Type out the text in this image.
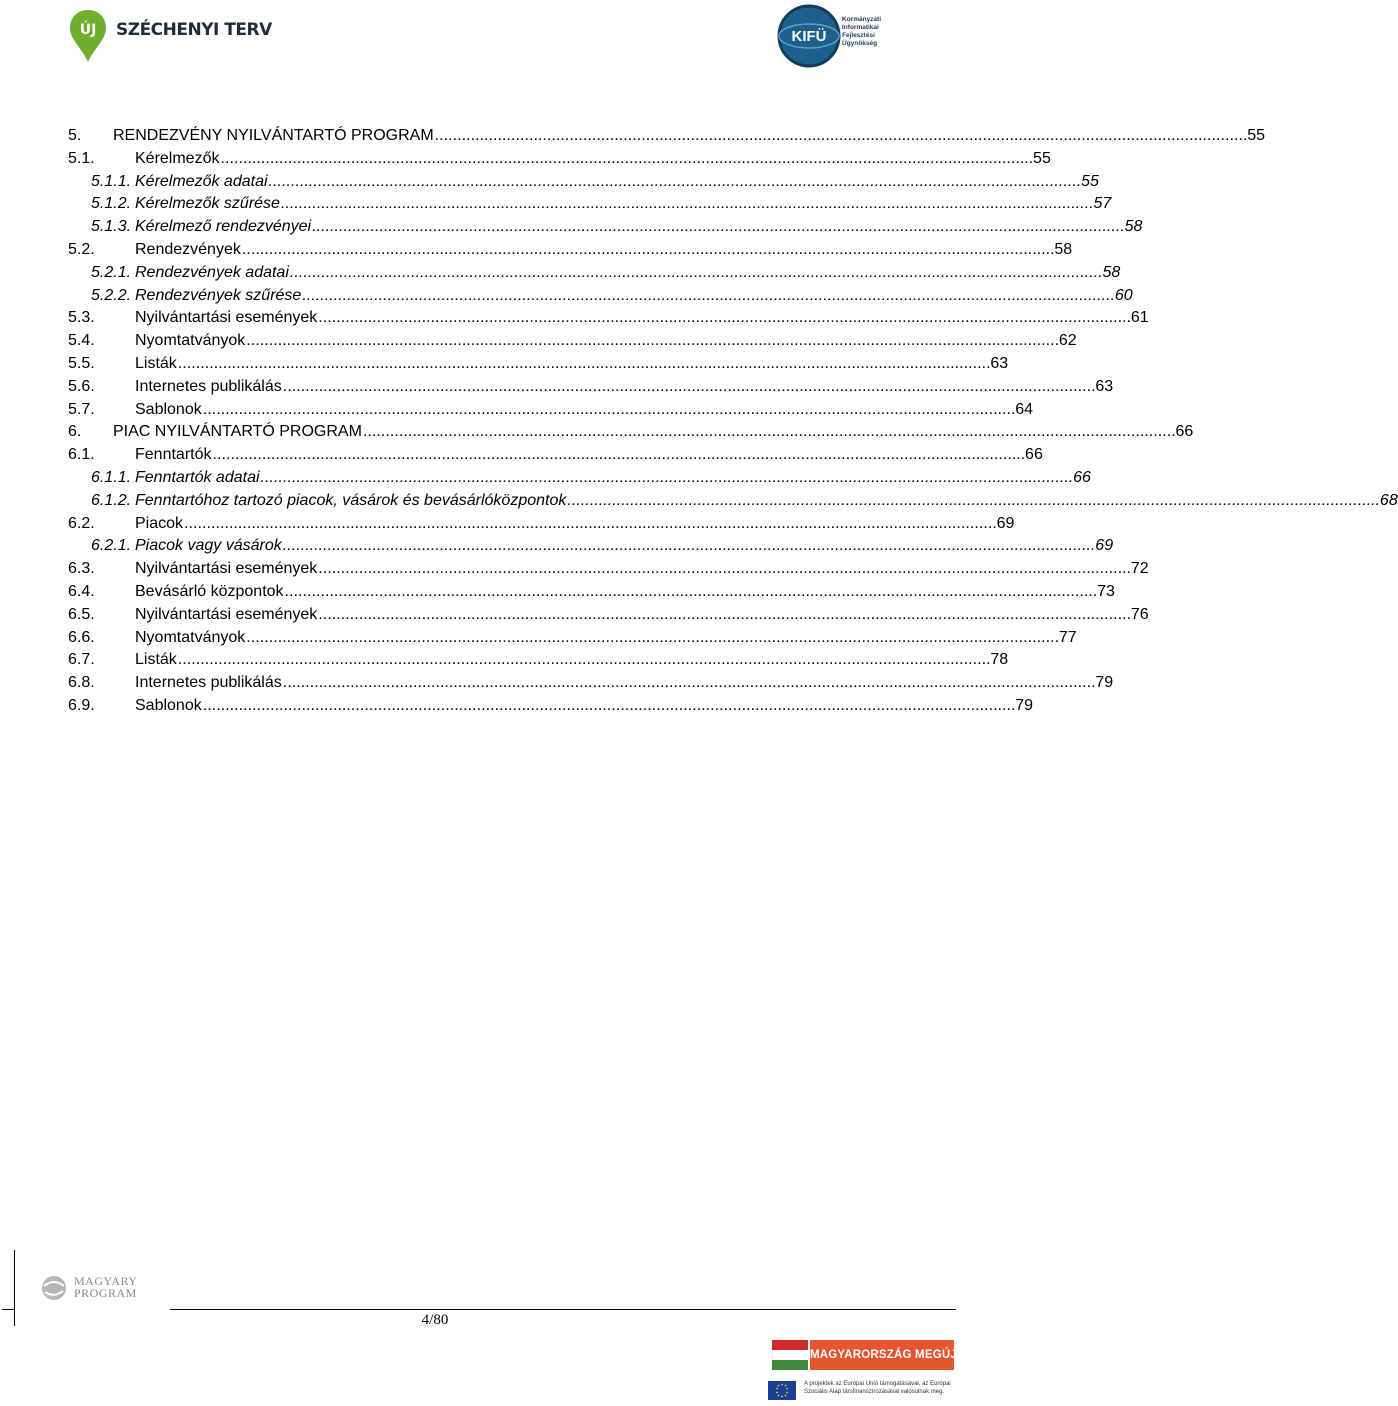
ÚJ SZÉCHENYI TERV	KIFÜ
Kormányzati
Informatikai
Fejlesztési
Ügynökség
5.	RENDEZVÉNY NYILVÁNTARTÓ PROGRAM . . .	55
5.1.	Kérelmezők . . .	55
5.1.1. Kérelmezők adatai . . .	55
5.1.2. Kérelmezők szűrése . . .	57
5.1.3. Kérelmező rendezvényei . . .	58
5.2.	Rendezvények . . .	58
5.2.1. Rendezvények adatai . . .	58
5.2.2. Rendezvények szűrése . . .	60
5.3.	Nyilvántartási események . . .	61
5.4.	Nyomtatványok . . .	62
5.5.	Listák . . .	63
5.6.	Internetes publikálás . . .	63
5.7.	Sablonok . . .	64
6.	PIAC NYILVÁNTARTÓ PROGRAM . . .	66
6.1.	Fenntartók . . .	66
6.1.1. Fenntartók adatai . . .	66
6.1.2. Fenntartóhoz tartozó piacok, vásárok és bevásárlóközpontok . . .	68
6.2.	Piacok . . .	69
6.2.1. Piacok vagy vásárok . . .	69
6.3.	Nyilvántartási események . . .	72
6.4.	Bevásárló központok . . .	73
6.5.	Nyilvántartási események . . .	76
6.6.	Nyomtatványok . . .	77
6.7.	Listák . . .	78
6.8.	Internetes publikálás . . .	79
6.9.	Sablonok . . .	79
MAGYARY
PROGRAM
4/80
MAGYARORSZÁG MEGÚJUL
A projektek az Európai Unió támogatásával, az Európai Szociális Alap társfinanszírozásával valósulnak meg.
